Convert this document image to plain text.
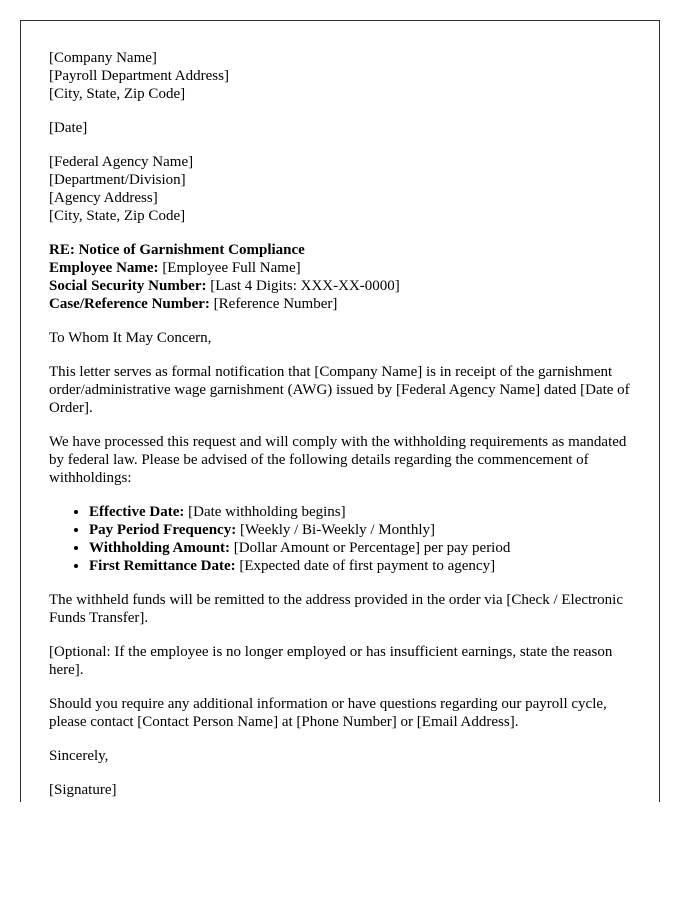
[Company Name]
[Payroll Department Address]
[City, State, Zip Code]

[Date]

[Federal Agency Name]
[Department/Division]
[Agency Address]
[City, State, Zip Code]

RE: Notice of Garnishment Compliance
Employee Name: [Employee Full Name]
Social Security Number: [Last 4 Digits: XXX-XX-0000]
Case/Reference Number: [Reference Number]

To Whom It May Concern,

This letter serves as formal notification that [Company Name] is in receipt of the garnishment order/administrative wage garnishment (AWG) issued by [Federal Agency Name] dated [Date of Order].

We have processed this request and will comply with the withholding requirements as mandated by federal law. Please be advised of the following details regarding the commencement of withholdings:

• Effective Date: [Date withholding begins]
• Pay Period Frequency: [Weekly / Bi-Weekly / Monthly]
• Withholding Amount: [Dollar Amount or Percentage] per pay period
• First Remittance Date: [Expected date of first payment to agency]

The withheld funds will be remitted to the address provided in the order via [Check / Electronic Funds Transfer].

[Optional: If the employee is no longer employed or has insufficient earnings, state the reason here].

Should you require any additional information or have questions regarding our payroll cycle, please contact [Contact Person Name] at [Phone Number] or [Email Address].

Sincerely,

[Signature]
